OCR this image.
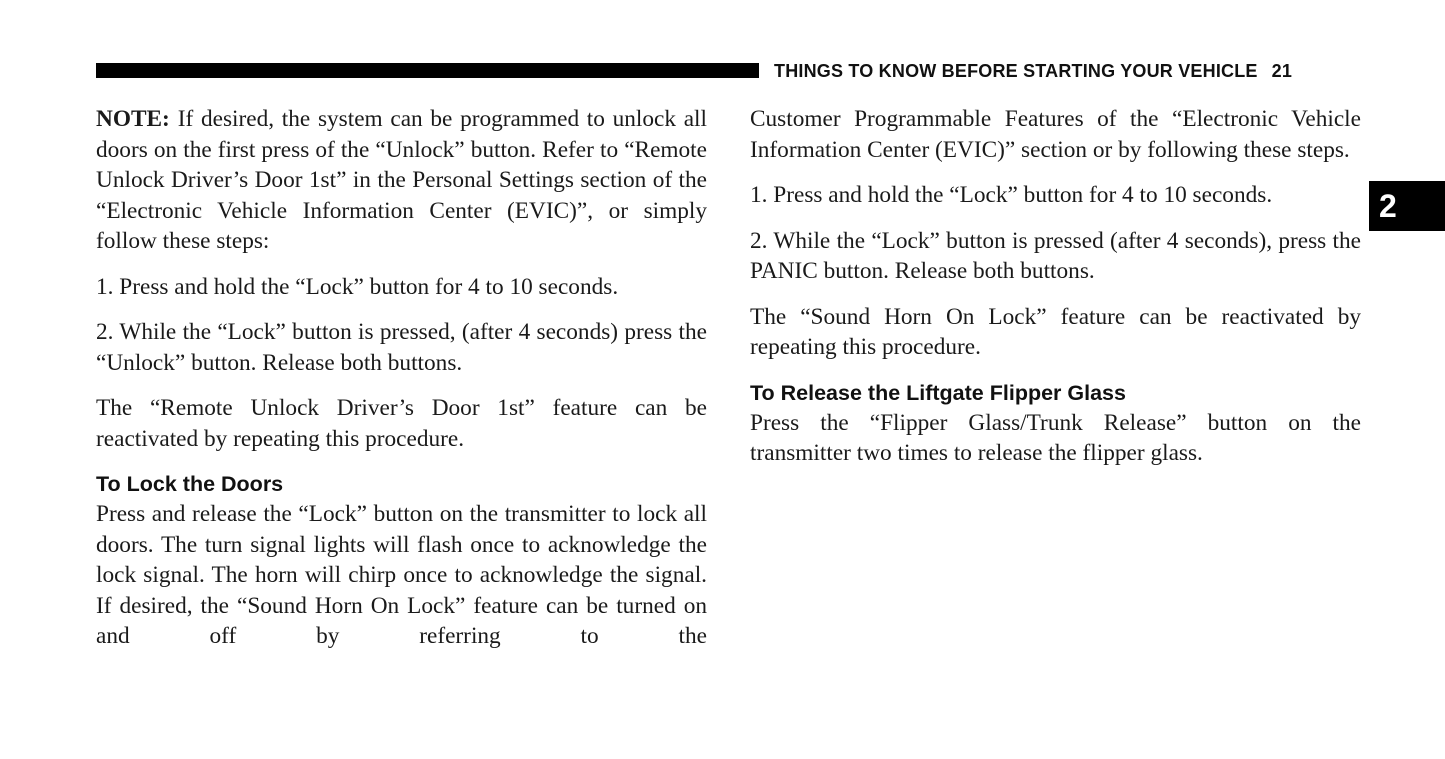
THINGS TO KNOW BEFORE STARTING YOUR VEHICLE 21
2

NOTE: If desired, the system can be programmed to unlock all doors on the first press of the “Unlock” button. Refer to “Remote Unlock Driver’s Door 1st” in the Personal Settings section of the “Electronic Vehicle Information Center (EVIC)”, or simply follow these steps:

1. Press and hold the “Lock” button for 4 to 10 seconds.

2. While the “Lock” button is pressed, (after 4 seconds) press the “Unlock” button. Release both buttons.

The “Remote Unlock Driver’s Door 1st” feature can be reactivated by repeating this procedure.

To Lock the Doors

Press and release the “Lock” button on the transmitter to lock all doors. The turn signal lights will flash once to acknowledge the lock signal. The horn will chirp once to acknowledge the signal. If desired, the “Sound Horn On Lock” feature can be turned on and off by referring to the

Customer Programmable Features of the “Electronic Vehicle Information Center (EVIC)” section or by following these steps.

1. Press and hold the “Lock” button for 4 to 10 seconds.

2. While the “Lock” button is pressed (after 4 seconds), press the PANIC button. Release both buttons.

The “Sound Horn On Lock” feature can be reactivated by repeating this procedure.

To Release the Liftgate Flipper Glass

Press the “Flipper Glass/Trunk Release” button on the transmitter two times to release the flipper glass.
